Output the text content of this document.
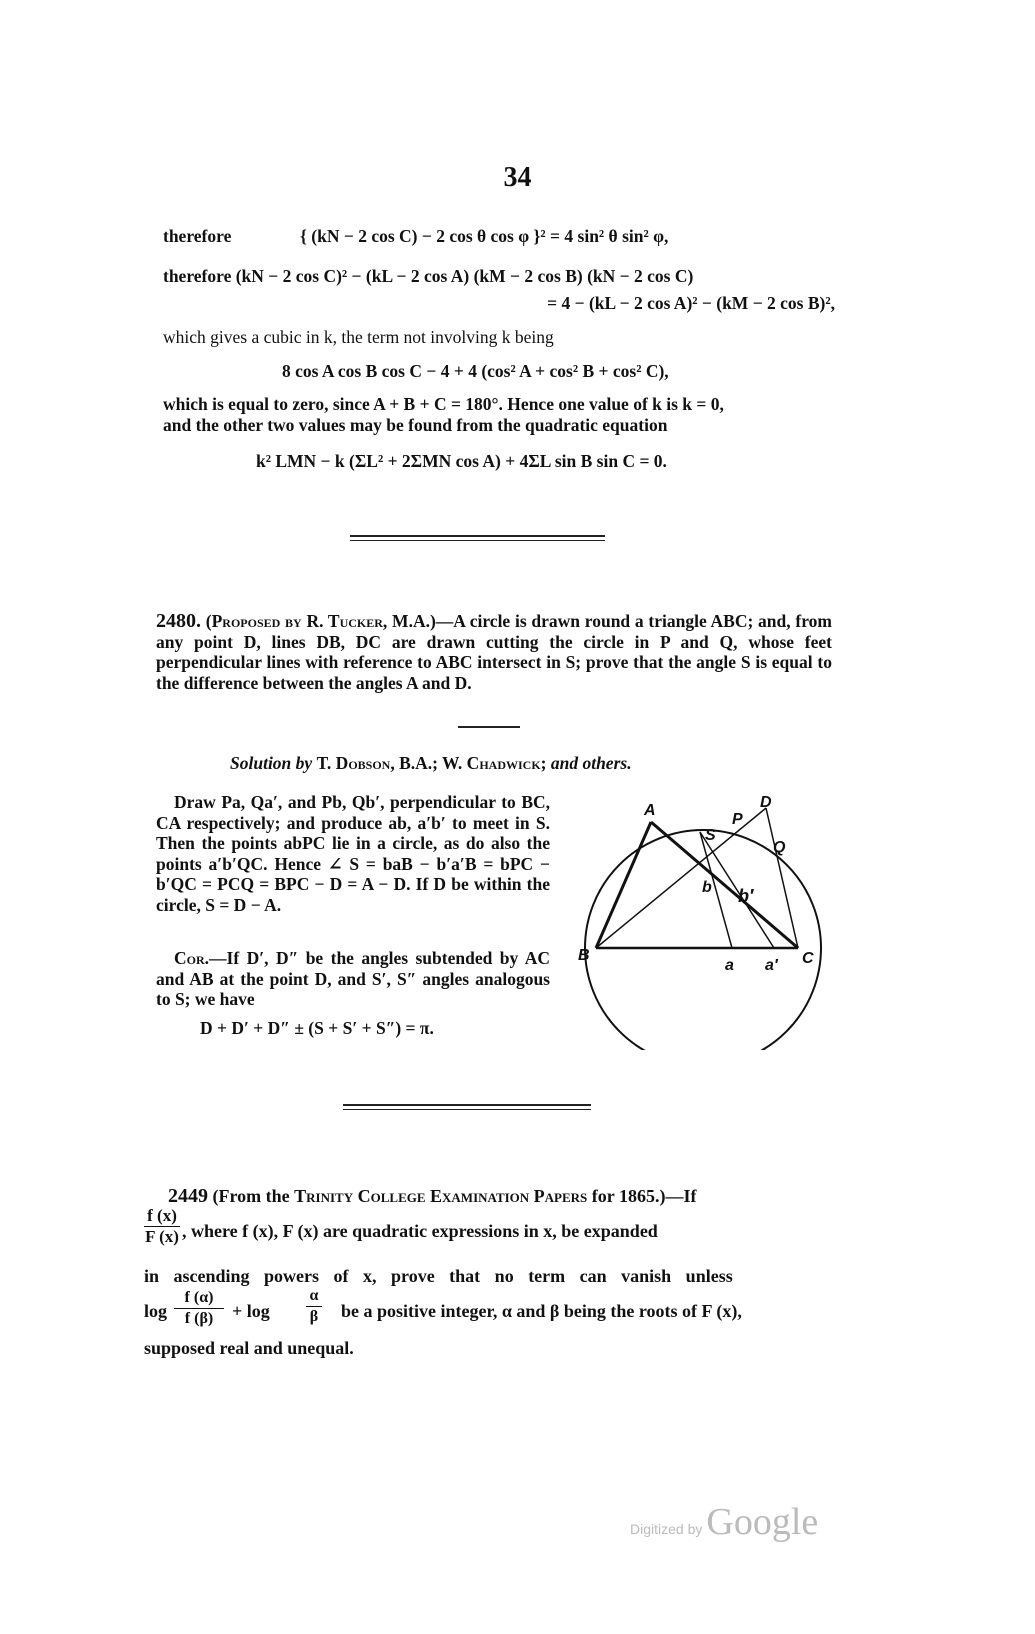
34
therefore	{ (kN − 2 cos C) − 2 cos θ cos φ }² = 4 sin² θ sin² φ,
therefore (kN − 2 cos C)² − (kL − 2 cos A) (kM − 2 cos B) (kN − 2 cos C)
= 4 − (kL − 2 cos A)² − (kM − 2 cos B)²,
which gives a cubic in k, the term not involving k being
8 cos A cos B cos C − 4 + 4 (cos² A + cos² B + cos² C),
which is equal to zero, since A + B + C = 180°. Hence one value of k is k = 0,
and the other two values may be found from the quadratic equation
k² LMN − k (ΣL² + 2ΣMN cos A) + 4ΣL sin B sin C = 0.
2480. (Proposed by R. Tucker, M.A.)—A circle is drawn round a triangle ABC; and, from any point D, lines DB, DC are drawn cutting the circle in P and Q, whose feet perpendicular lines with reference to ABC intersect in S; prove that the angle S is equal to the difference between the angles A and D.
Solution by T. Dobson, B.A.; W. Chadwick; and others.
Draw Pa, Qa′, and Pb, Qb′, perpendicular to BC, CA respectively; and produce ab, a′b′ to meet in S. Then the points abPC lie in a circle, as do also the points a′b′QC. Hence ∠ S = baB − b′a′B = bPC − b′QC = PCQ = BPC − D = A − D. If D be within the circle, S = D − A.
Cor.—If D′, D″ be the angles subtended by AC and AB at the point D, and S′, S″ angles analogous to S; we have
D + D′ + D″ ± (S + S′ + S″) = π.
A
B	C
D
P
Q
S
b b′
a a′
2449 (From the Trinity College Examination Papers for 1865.)—If
$\frac{f (x)}{F (x)}$ , where f (x), F (x) are quadratic expressions in x, be expanded
in ascending powers of x, prove that no term can vanish unless
$\log \frac{f (\alpha)}{f (\beta)} + \log \frac{\alpha}{\beta}$ be a positive integer, α and β being the roots of F (x),
supposed real and unequal.
Digitized by Google
